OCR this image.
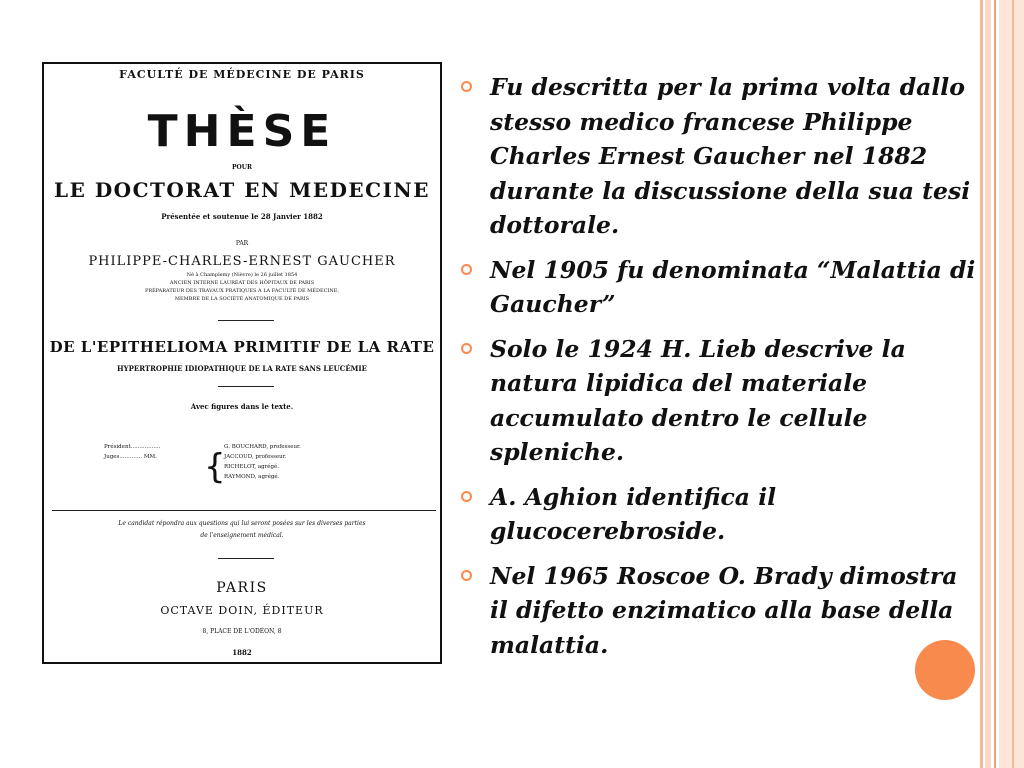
FACULTÉ DE MÉDECINE DE PARIS
THÈSE
POUR
LE DOCTORAT EN MEDECINE
Présentée et soutenue le 28 Janvier 1882
PAR
PHILIPPE-CHARLES-ERNEST GAUCHER
Né à Champlemy (Nièvre) le 26 juillet 1854
ANCIEN INTERNE LAURÉAT DES HÔPITAUX DE PARIS
PRÉPARATEUR DES TRAVAUX PRATIQUES À LA FACULTÉ DE MÉDECINE,
MEMBRE DE LA SOCIÉTÉ ANATOMIQUE DE PARIS
DE L'EPITHELIOMA PRIMITIF DE LA RATE
HYPERTROPHIE IDIOPATHIQUE DE LA RATE SANS LEUCÉMIE
Avec figures dans le texte.
Président.................
Juges............. MM. {
G. BOUCHARD, professeur.
JACCOUD, professeur.
RICHELOT, agrégé.
RAYMOND, agrégé.
Le candidat répondra aux questions qui lui seront posées sur les diverses parties
de l'enseignement médical.
PARIS
OCTAVE DOIN, ÉDITEUR
8, PLACE DE L'ODÉON, 8
1882
Fu descritta per la prima volta dallo stesso medico francese Philippe Charles Ernest Gaucher nel 1882 durante la discussione della sua tesi dottorale.
Nel 1905 fu denominata “Malattia di Gaucher”
Solo le 1924 H. Lieb descrive la natura lipidica del materiale accumulato dentro le cellule spleniche.
A. Aghion identifica il glucocerebroside.
Nel 1965 Roscoe O. Brady dimostra il difetto enzimatico alla base della malattia.
